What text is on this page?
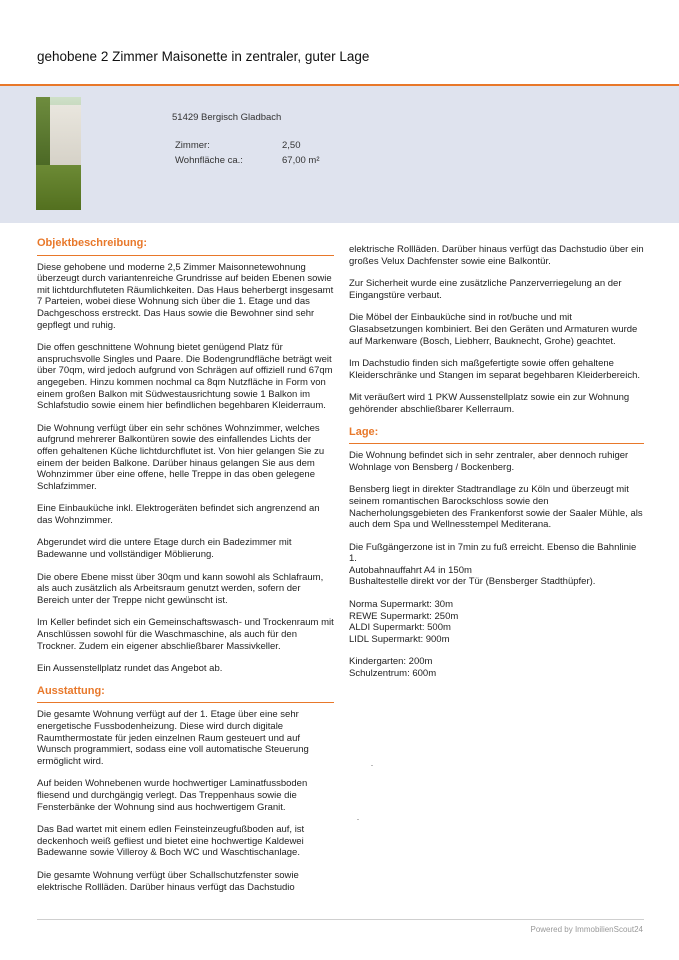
gehobene 2 Zimmer Maisonette in zentraler, guter Lage
51429 Bergisch Gladbach
Zimmer:	2,50
Wohnfläche ca.:	67,00 m²
Objektbeschreibung:

Diese gehobene und moderne 2,5 Zimmer Maisonnetewohnung überzeugt durch variantenreiche Grundrisse auf beiden Ebenen sowie mit lichtdurchfluteten Räumlichkeiten. Das Haus beherbergt insgesamt 7 Parteien, wobei diese Wohnung sich über die 1. Etage und das Dachgeschoss erstreckt. Das Haus sowie die Bewohner sind sehr gepflegt und ruhig.

Die offen geschnittene Wohnung bietet genügend Platz für anspruchsvolle Singles und Paare. Die Bodengrundfläche beträgt weit über 70qm, wird jedoch aufgrund von Schrägen auf offiziell rund 67qm angegeben. Hinzu kommen nochmal ca 8qm Nutzfläche in Form von einem großen Balkon mit Südwestausrichtung sowie 1 Balkon im Schlafstudio sowie einem hier befindlichen begehbaren Kleiderraum.

Die Wohnung verfügt über ein sehr schönes Wohnzimmer, welches aufgrund mehrerer Balkontüren sowie des einfallendes Lichts der offen gehaltenen Küche lichtdurchflutet ist. Von hier gelangen Sie zu einem der beiden Balkone. Darüber hinaus gelangen Sie aus dem Wohnzimmer über eine offene, helle Treppe in das oben gelegene Schlafzimmer.

Eine Einbauküche inkl. Elektrogeräten befindet sich angrenzend an das Wohnzimmer.

Abgerundet wird die untere Etage durch ein Badezimmer mit Badewanne und vollständiger Möblierung.

Die obere Ebene misst über 30qm und kann sowohl als Schlafraum, als auch zusätzlich als Arbeitsraum genutzt werden, sofern der Bereich unter der Treppe nicht gewünscht ist.

Im Keller befindet sich ein Gemeinschaftswasch- und Trockenraum mit Anschlüssen sowohl für die Waschmaschine, als auch für den Trockner. Zudem ein eigener abschließbarer Massivkeller.

Ein Aussenstellplatz rundet das Angebot ab.

Ausstattung:

Die gesamte Wohnung verfügt auf der 1. Etage über eine sehr energetische Fussbodenheizung. Diese wird durch digitale Raumthermostate für jeden einzelnen Raum gesteuert und auf Wunsch programmiert, sodass eine voll automatische Steuerung ermöglicht wird.

Auf beiden Wohnebenen wurde hochwertiger Laminatfussboden fliesend und durchgängig verlegt. Das Treppenhaus sowie die Fensterbänke der Wohnung sind aus hochwertigem Granit.

Das Bad wartet mit einem edlen Feinsteinzeugfußboden auf, ist deckenhoch weiß gefliest und bietet eine hochwertige Kaldewei Badewanne sowie Villeroy & Boch WC und Waschtischanlage.

Die gesamte Wohnung verfügt über Schallschutzfenster sowie elektrische Rollläden. Darüber hinaus verfügt das Dachstudio

elektrische Rollläden. Darüber hinaus verfügt das Dachstudio über ein großes Velux Dachfenster sowie eine Balkontür.

Zur Sicherheit wurde eine zusätzliche Panzerverriegelung an der Eingangstüre verbaut.

Die Möbel der Einbauküche sind in rot/buche und mit Glasabsetzungen kombiniert. Bei den Geräten und Armaturen wurde auf Markenware (Bosch, Liebherr, Bauknecht, Grohe) geachtet.

Im Dachstudio finden sich maßgefertigte sowie offen gehaltene Kleiderschränke und Stangen im separat begehbaren Kleiderbereich.

Mit veräußert wird 1 PKW Aussenstellplatz sowie ein zur Wohnung gehörender abschließbarer Kellerraum.

Lage:

Die Wohnung befindet sich in sehr zentraler, aber dennoch ruhiger Wohnlage von Bensberg / Bockenberg.

Bensberg liegt in direkter Stadtrandlage zu Köln und überzeugt mit seinem romantischen Barockschloss sowie den Nacherholungsgebieten des Frankenforst sowie der Saaler Mühle, als auch dem Spa und Wellnesstempel Mediterana.

Die Fußgängerzone ist in 7min zu fuß erreicht. Ebenso die Bahnlinie 1.
Autobahnauffahrt A4 in 150m
Bushaltestelle direkt vor der Tür (Bensberger Stadthüpfer).

Norma Supermarkt: 30m
REWE Supermarkt: 250m
ALDI Supermarkt: 500m
LIDL Supermarkt: 900m

Kindergarten: 200m
Schulzentrum: 600m

Powered by ImmobilienScout24
